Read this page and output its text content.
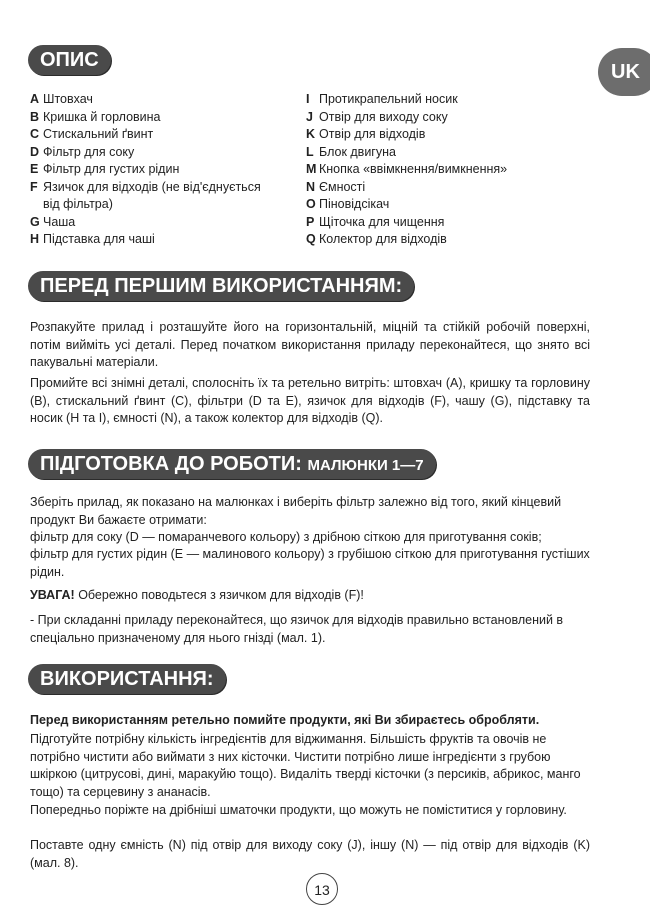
ОПИС
UK
A Штовхач
B Кришка й горловина
C Стискальний ґвинт
D Фільтр для соку
E Фільтр для густих рідин
F Язичок для відходів (не від'єднується
від фільтра)
G Чаша
H Підставка для чаші
I Протикрапельний носик
J Отвір для виходу соку
K Отвір для відходів
L Блок двигуна
M Кнопка «ввімкнення/вимкнення»
N Ємності
O Піновідсікач
P Щіточка для чищення
Q Колектор для відходів
ПЕРЕД ПЕРШИМ ВИКОРИСТАННЯМ:

Розпакуйте прилад і розташуйте його на горизонтальній, міцній та стійкій робочій поверхні, потім вийміть усі деталі. Перед початком використання приладу переконайтеся, що знято всі пакувальні матеріали.

Промийте всі знімні деталі, сполосніть їх та ретельно витріть: штовхач (A), кришку та горловину (B), стискальний ґвинт (C), фільтри (D та E), язичок для відходів (F), чашу (G), підставку та носик (H та I), ємності (N), а також колектор для відходів (Q).

ПІДГОТОВКА ДО РОБОТИ: МАЛЮНКИ 1—7

Зберіть прилад, як показано на малюнках і виберіть фільтр залежно від того, який кінцевий продукт Ви бажаєте отримати:

фільтр для соку (D — помаранчевого кольору) з дрібною сіткою для приготування соків;

фільтр для густих рідин (E — малинового кольору) з грубішою сіткою для приготування густіших рідин.

УВАГА! Обережно поводьтеся з язичком для відходів (F)!

- При складанні приладу переконайтеся, що язичок для відходів правильно встановлений в спеціально призначеному для нього гнізді (мал. 1).

ВИКОРИСТАННЯ:

Перед використанням ретельно помийте продукти, які Ви збираєтесь обробляти.

Підготуйте потрібну кількість інгредієнтів для віджимання. Більшість фруктів та овочів не потрібно чистити або виймати з них кісточки. Чистити потрібно лише інгредієнти з грубою шкіркою (цитрусові, дині, маракуйю тощо). Видаліть тверді кісточки (з персиків, абрикос, манго тощо) та серцевину з ананасів.

Попередньо поріжте на дрібніші шматочки продукти, що можуть не поміститися у горловину.

Поставте одну ємність (N) під отвір для виходу соку (J), іншу (N) — під отвір для відходів (K) (мал. 8).

13
